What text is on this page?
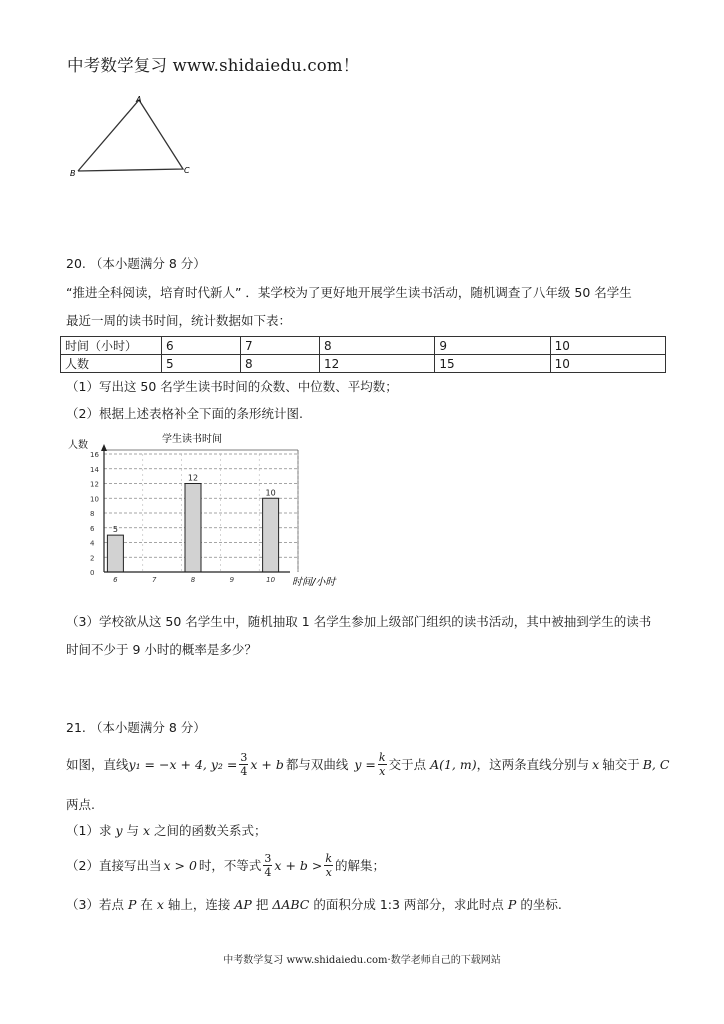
中考数学复习 www.shidaiedu.com！
A
B	C
20. （本小题满分 8 分）
“推进全科阅读，培育时代新人” ．某学校为了更好地开展学生读书活动，随机调查了八年级 50 名学生
最近一周的读书时间，统计数据如下表：
时间（小时）	6	7	8	9	10
人数	5	8	12	15	10
（1）写出这 50 名学生读书时间的众数、中位数、平均数；
（2）根据上述表格补全下面的条形统计图.
学生读书时间
人数
时间/小时
5
12
10
0
2
4
6
8
10
12
14
16
6	7	8	9	10
（3）学校欲从这 50 名学生中，随机抽取 1 名学生参加上级部门组织的读书活动，其中被抽到学生的读书
时间不少于 9 小时的概率是多少？
21. （本小题满分 8 分）
如图，直线 y₁ = −x + 4, $y_2 = \frac{3}{4}$ x + b 都与双曲线 $y = \frac{k}{x}$ 交于点 A(1, m) ，这两条直线分别与 x 轴交于 B, C
两点.
（1）求 y 与 x 之间的函数关系式；
（2）直接写出当 x > 0 时，不等式 3
4 x + b > k
x 的解集；
（3）若点 P 在 x 轴上，连接 AP 把 ΔABC 的面积分成 1:3 两部分，求此时点 P 的坐标.
中考数学复习 www.shidaiedu.com·数学老师自己的下载网站
